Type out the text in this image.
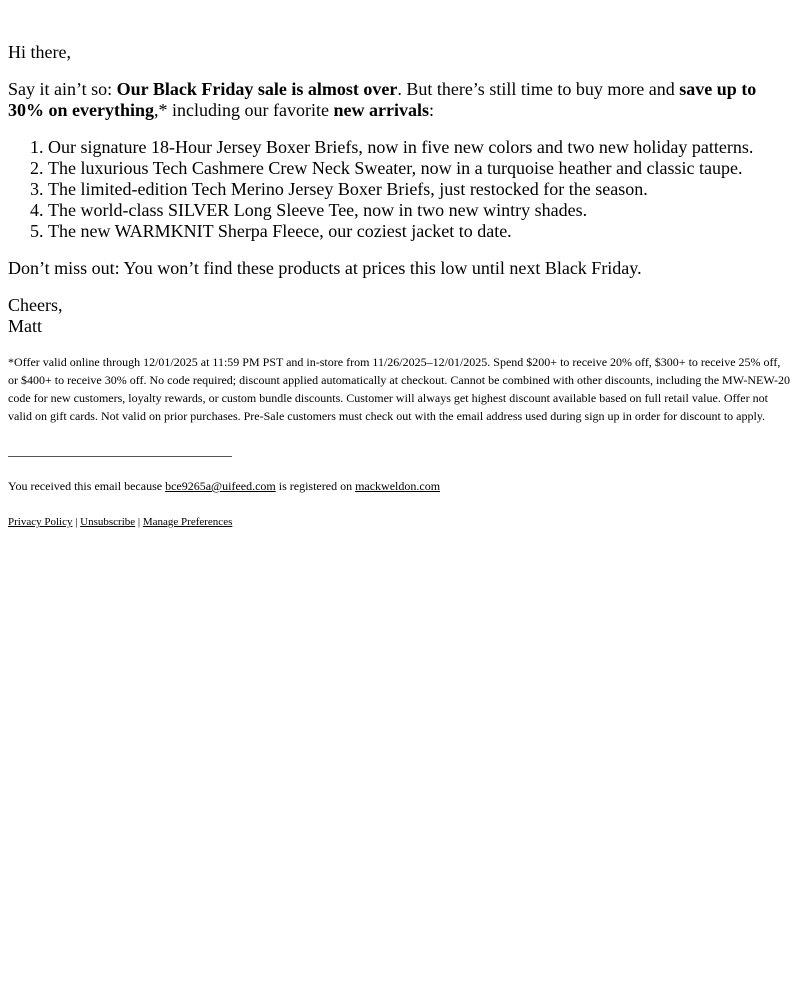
Hi there,

Say it ain’t so: Our Black Friday sale is almost over. But there’s still time to buy more and save up to 30% on everything,* including our favorite new arrivals:

1. Our signature 18-Hour Jersey Boxer Briefs, now in five new colors and two new holiday patterns.
2. The luxurious Tech Cashmere Crew Neck Sweater, now in a turquoise heather and classic taupe.
3. The limited-edition Tech Merino Jersey Boxer Briefs, just restocked for the season.
4. The world-class SILVER Long Sleeve Tee, now in two new wintry shades.
5. The new WARMKNIT Sherpa Fleece, our coziest jacket to date.

Don’t miss out: You won’t find these products at prices this low until next Black Friday.

Cheers,
Matt

*Offer valid online through 12/01/2025 at 11:59 PM PST and in-store from 11/26/2025–12/01/2025. Spend $200+ to receive 20% off, $300+ to receive 25% off, or $400+ to receive 30% off. No code required; discount applied automatically at checkout. Cannot be combined with other discounts, including the MW-NEW-20 code for new customers, loyalty rewards, or custom bundle discounts. Customer will always get highest discount available based on full retail value. Offer not valid on gift cards. Not valid on prior purchases. Pre-Sale customers must check out with the email address used during sign up in order for discount to apply.

You received this email because bce9265a@uifeed.com is registered on mackweldon.com

Privacy Policy | Unsubscribe | Manage Preferences
